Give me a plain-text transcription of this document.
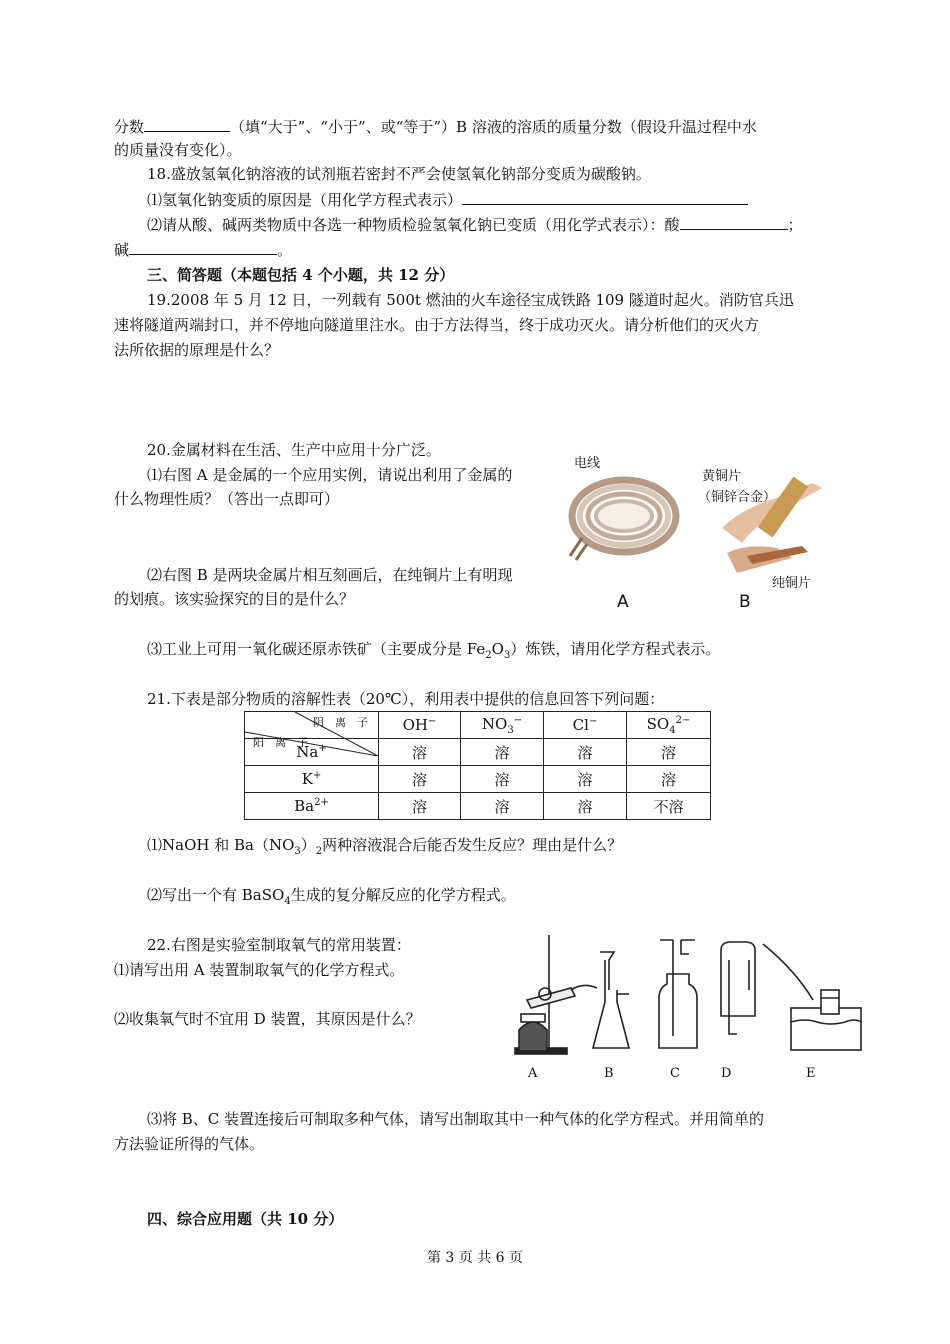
分数	（填“大于”、“小于”、或“等于”）B 溶液的溶质的质量分数（假设升温过程中水
的质量没有变化）。
18.盛放氢氧化钠溶液的试剂瓶若密封不严会使氢氧化钠部分变质为碳酸钠。
⑴氢氧化钠变质的原因是（用化学方程式表示）
⑵请从酸、碱两类物质中各选一种物质检验氢氧化钠已变质（用化学式表示）：酸	；
碱	。
三、简答题（本题包括 4 个小题，共 12 分）
19.2008 年 5 月 12 日，一列载有 500t 燃油的火车途径宝成铁路 109 隧道时起火。消防官兵迅
速将隧道两端封口，并不停地向隧道里注水。由于方法得当，终于成功灭火。请分析他们的灭火方
法所依据的原理是什么？
20.金属材料在生活、生产中应用十分广泛。
⑴右图 A 是金属的一个应用实例，请说出利用了金属的
什么物理性质？（答出一点即可）
⑵右图 B 是两块金属片相互刻画后，在纯铜片上有明现
的划痕。该实验探究的目的是什么？
⑶工业上可用一氧化碳还原赤铁矿（主要成分是 $Fe_2O_3$）炼铁，请用化学方程式表示。
电线
黄铜片
（铜锌合金）
纯铜片
A	B
21.下表是部分物质的溶解性表（20℃），利用表中提供的信息回答下列问题：
阴　离　子
阳　离　子	OH−	$NO_3^-$	Cl−	$SO_4^{2-}$
Na+	溶	溶	溶	溶
K+	溶	溶	溶	溶
$Ba^{2+}$	溶	溶	溶	不溶
⑴NaOH 和 $Ba(NO_3)_2$两种溶液混合后能否发生反应？理由是什么？
⑵写出一个有 BaSO$_4$生成的复分解反应的化学方程式。
22.右图是实验室制取氧气的常用装置：
⑴请写出用 A 装置制取氧气的化学方程式。
⑵收集氧气时不宜用 D 装置，其原因是什么？
A	B	C	D	E
⑶将 B、C 装置连接后可制取多种气体，请写出制取其中一种气体的化学方程式。并用简单的
方法验证所得的气体。
四、综合应用题（共 10 分）
第 3 页 共 6 页
